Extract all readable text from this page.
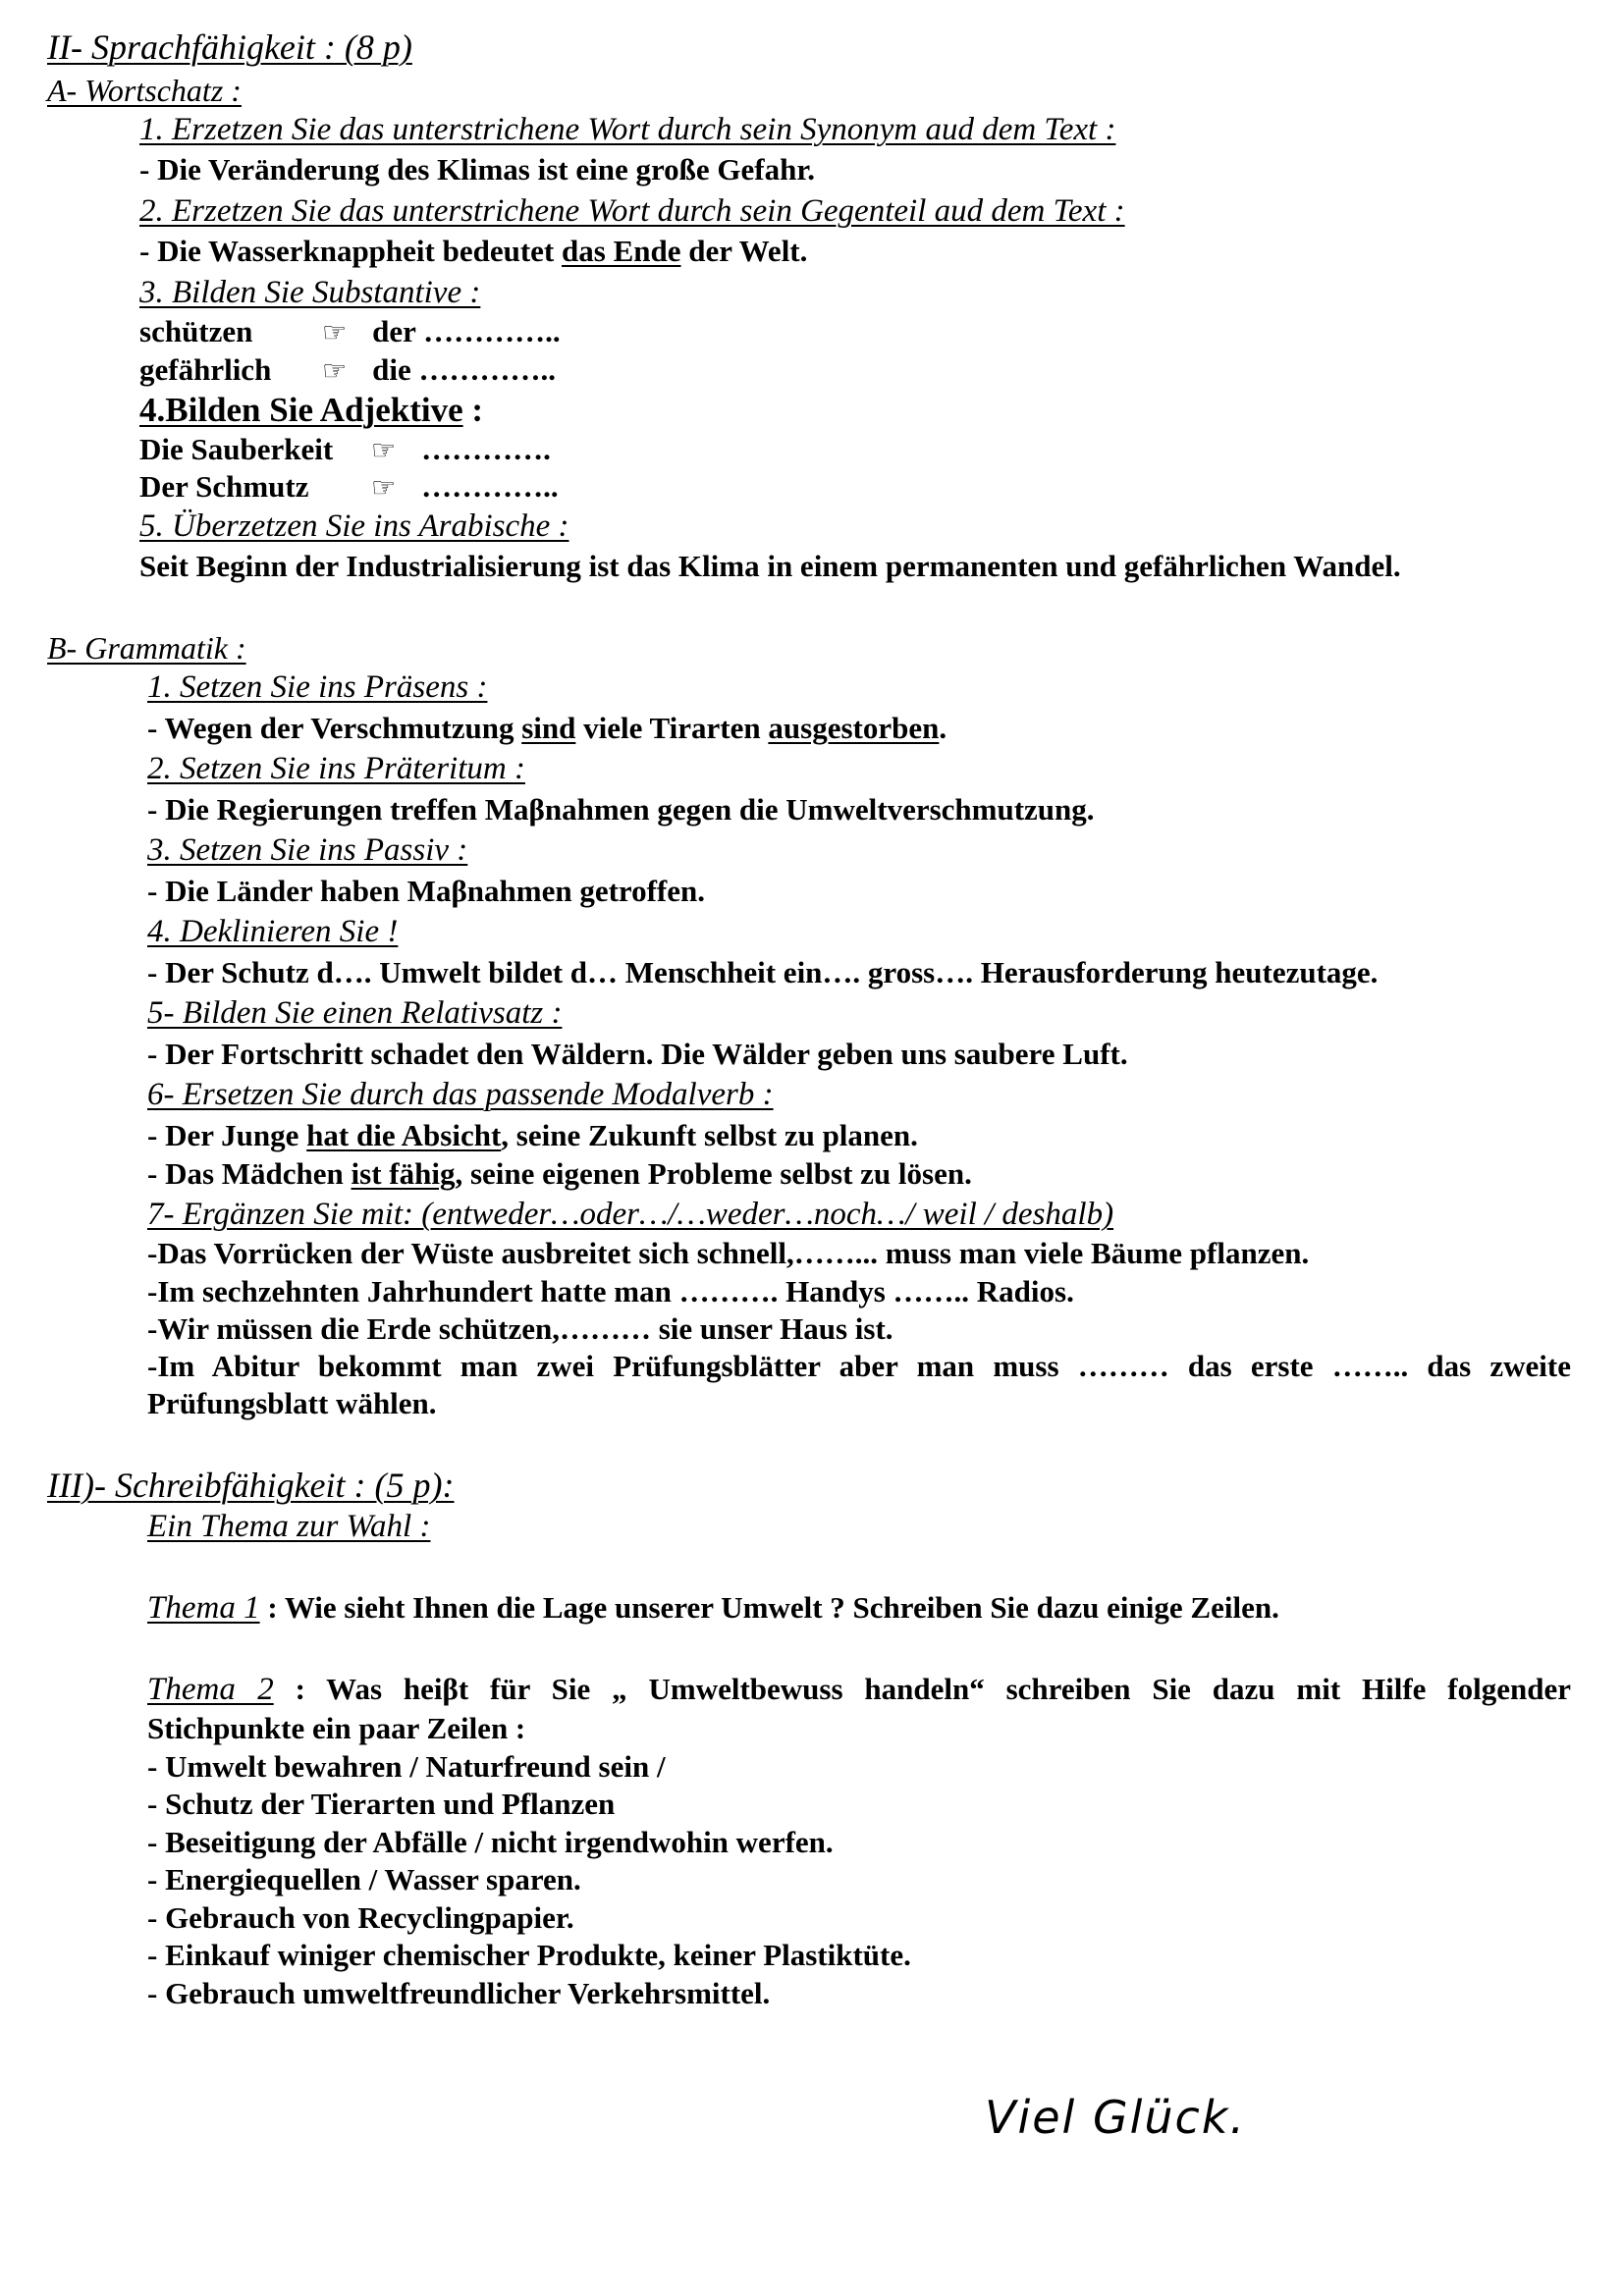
II- Sprachfähigkeit : (8 p)
A- Wortschatz :
1. Erzetzen Sie das unterstrichene Wort durch sein Synonym aud dem Text :
- Die Veränderung des Klimas ist eine große Gefahr.
2. Erzetzen Sie das unterstrichene Wort durch sein Gegenteil aud dem Text :
- Die Wasserknappheit bedeutet das Ende der Welt.
3. Bilden Sie Substantive :
schützen	☞ der …………..
gefährlich ☞ die …………..
4.Bilden Sie Adjektive :
Die Sauberkeit ☞ ………….
Der Schmutz ☞ …………..
5. Überzetzen Sie ins Arabische :
Seit Beginn der Industrialisierung ist das Klima in einem permanenten und gefährlichen Wandel.
B- Grammatik :
1. Setzen Sie ins Präsens :
- Wegen der Verschmutzung sind viele Tirarten ausgestorben.
2. Setzen Sie ins Präteritum :
- Die Regierungen treffen Maβnahmen gegen die Umweltverschmutzung.
3. Setzen Sie ins Passiv :
- Die Länder haben Maβnahmen getroffen.
4. Deklinieren Sie !
- Der Schutz d…. Umwelt bildet d… Menschheit ein…. gross…. Herausforderung heutezutage.
5- Bilden Sie einen Relativsatz :
- Der Fortschritt schadet den Wäldern. Die Wälder geben uns saubere Luft.
6- Ersetzen Sie durch das passende Modalverb :
- Der Junge hat die Absicht, seine Zukunft selbst zu planen.
- Das Mädchen ist fähig, seine eigenen Probleme selbst zu lösen.
7- Ergänzen Sie mit: (entweder…oder…/…weder…noch…/ weil / deshalb)
-Das Vorrücken der Wüste ausbreitet sich schnell,……... muss man viele Bäume pflanzen.
-Im sechzehnten Jahrhundert hatte man ………. Handys …….. Radios.
-Wir müssen die Erde schützen,……… sie unser Haus ist.
-Im Abitur bekommt man zwei Prüfungsblätter aber man muss ……… das erste …….. das zweite
Prüfungsblatt wählen.
III)- Schreibfähigkeit : (5 p):
Ein Thema zur Wahl :
Thema 1 : Wie sieht Ihnen die Lage unserer Umwelt ? Schreiben Sie dazu einige Zeilen.
Thema 2 : Was heiβt für Sie „ Umweltbewuss handeln“ schreiben Sie dazu mit Hilfe folgender
Stichpunkte ein paar Zeilen :
- Umwelt bewahren / Naturfreund sein /
- Schutz der Tierarten und Pflanzen
- Beseitigung der Abfälle / nicht irgendwohin werfen.
- Energiequellen / Wasser sparen.
- Gebrauch von Recyclingpapier.
- Einkauf winiger chemischer Produkte, keiner Plastiktüte.
- Gebrauch umweltfreundlicher Verkehrsmittel.
Viel Glück.
